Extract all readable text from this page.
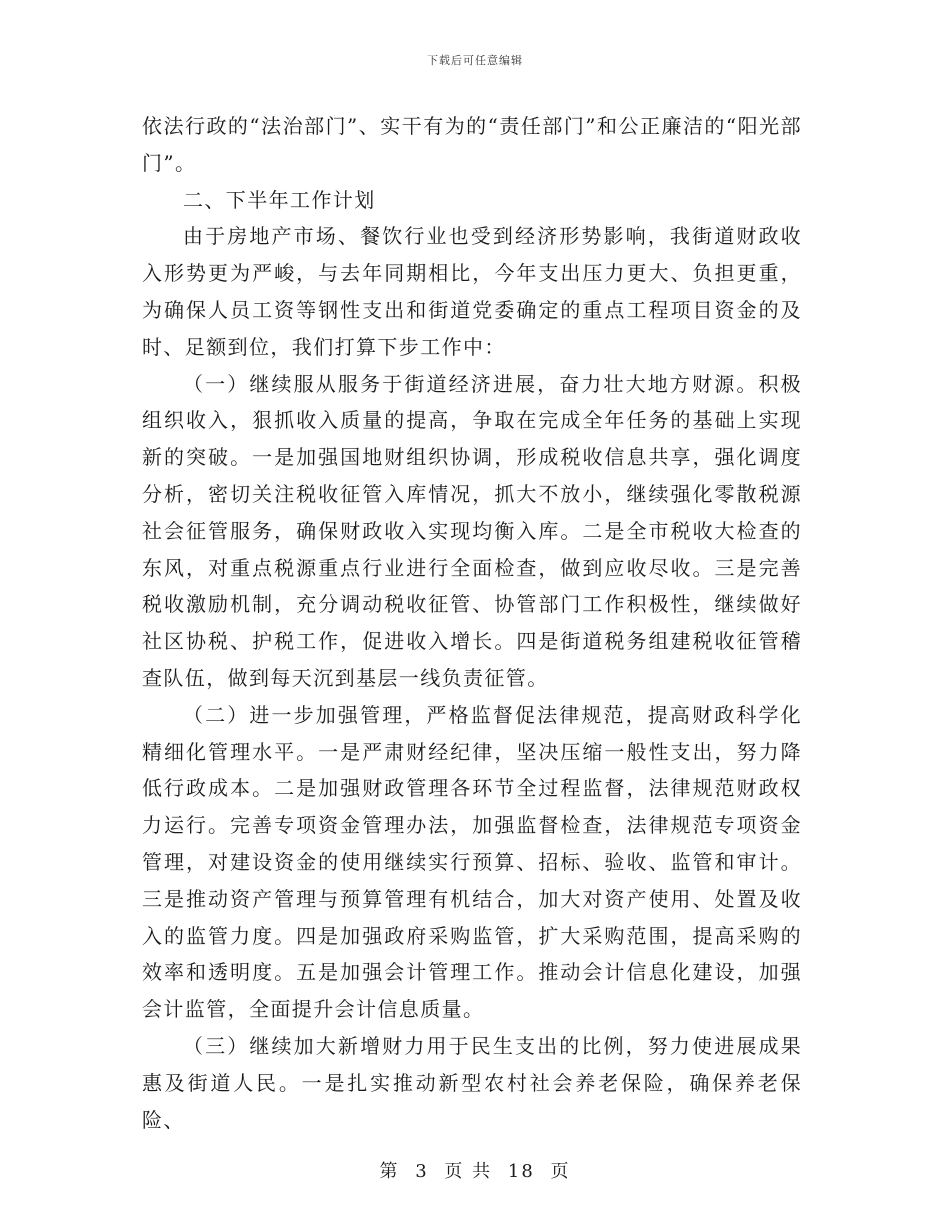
下载后可任意编辑

依法行政的“法治部门”、实干有为的“责任部门”和公正廉洁的“阳光部门”。

二、下半年工作计划

由于房地产市场、餐饮行业也受到经济形势影响，我街道财政收入形势更为严峻，与去年同期相比，今年支出压力更大、负担更重，为确保人员工资等钢性支出和街道党委确定的重点工程项目资金的及时、足额到位，我们打算下步工作中：

（一）继续服从服务于街道经济进展，奋力壮大地方财源。积极组织收入，狠抓收入质量的提高，争取在完成全年任务的基础上实现新的突破。一是加强国地财组织协调，形成税收信息共享，强化调度分析，密切关注税收征管入库情况，抓大不放小，继续强化零散税源社会征管服务，确保财政收入实现均衡入库。二是全市税收大检查的东风，对重点税源重点行业进行全面检查，做到应收尽收。三是完善税收激励机制，充分调动税收征管、协管部门工作积极性，继续做好社区协税、护税工作，促进收入增长。四是街道税务组建税收征管稽查队伍，做到每天沉到基层一线负责征管。

（二）进一步加强管理，严格监督促法律规范，提高财政科学化精细化管理水平。一是严肃财经纪律，坚决压缩一般性支出，努力降低行政成本。二是加强财政管理各环节全过程监督，法律规范财政权力运行。完善专项资金管理办法，加强监督检查，法律规范专项资金管理，对建设资金的使用继续实行预算、招标、验收、监管和审计。三是推动资产管理与预算管理有机结合，加大对资产使用、处置及收入的监管力度。四是加强政府采购监管，扩大采购范围，提高采购的效率和透明度。五是加强会计管理工作。推动会计信息化建设，加强会计监管，全面提升会计信息质量。

（三）继续加大新增财力用于民生支出的比例，努力使进展成果惠及街道人民。一是扎实推动新型农村社会养老保险，确保养老保险、

第 3 页 共 18 页
